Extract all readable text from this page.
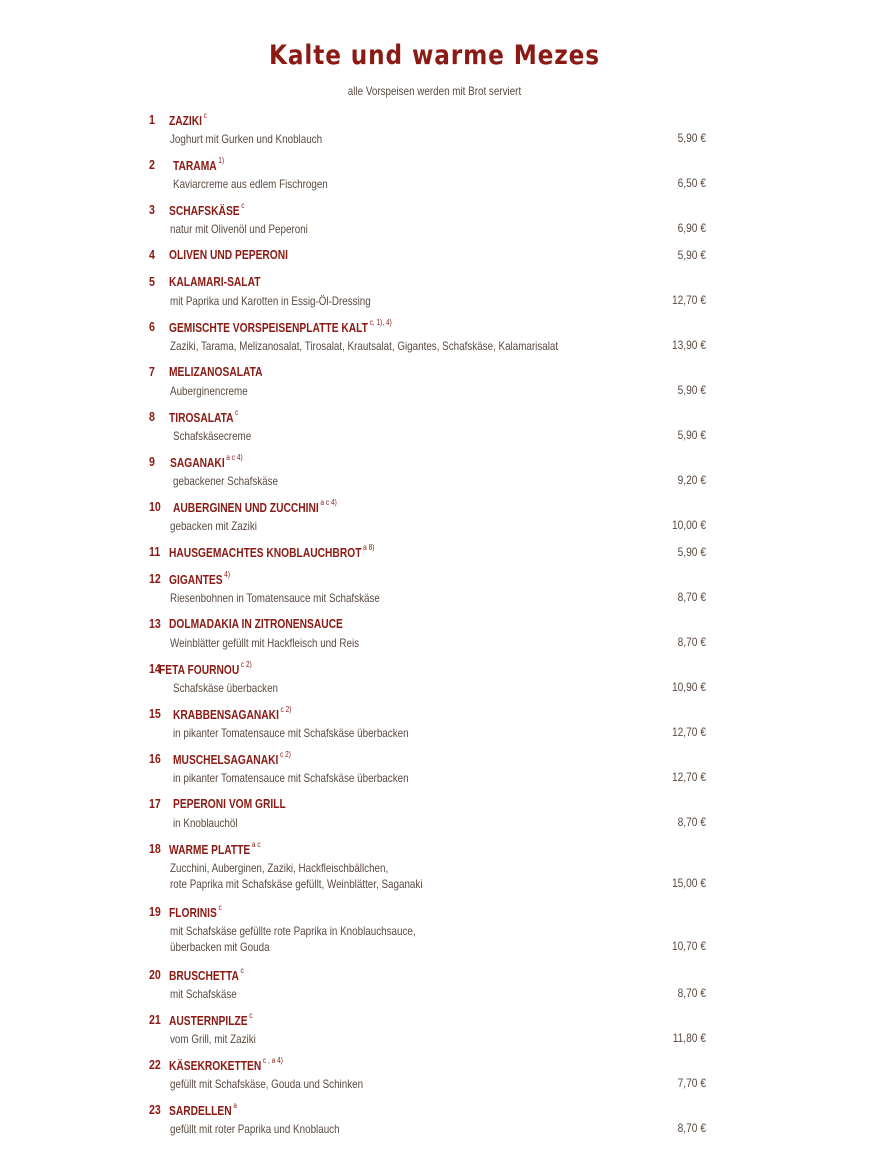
Kalte und warme Mezes
alle Vorspeisen werden mit Brot serviert
1 ZAZIKI $^c$
Joghurt mit Gurken und Knoblauch	5,90 €
2 TARAMA $^{1)}$
Kaviarcreme aus edlem Fischrogen	6,50 €
3 SCHAFSKÄSE $^c$
natur mit Olivenöl und Peperoni	6,90 €
4 OLIVEN UND PEPERONI	5,90 €
5 KALAMARI-SALAT
mit Paprika und Karotten in Essig-Öl-Dressing	12,70 €
6 GEMISCHTE VORSPEISENPLATTE KALT $^{c, 1), 4)}$
Zaziki, Tarama, Melizanosalat, Tirosalat, Krautsalat, Gigantes, Schafskäse, Kalamarisalat	13,90 €
7 MELIZANOSALATA
Auberginencreme	5,90 €
8 TIROSALATA $^c$
Schafskäsecreme	5,90 €
9 SAGANAKI $^{a c 4)}$
gebackener Schafskäse	9,20 €
10 AUBERGINEN UND ZUCCHINI $^{a c 4)}$
gebacken mit Zaziki	10,00 €
11 HAUSGEMACHTES KNOBLAUCHBROT $^{a 8)}$	5,90 €
12 GIGANTES $^{4)}$
Riesenbohnen in Tomatensauce mit Schafskäse	8,70 €
13 DOLMADAKIA IN ZITRONENSAUCE
Weinblätter gefüllt mit Hackfleisch und Reis	8,70 €
14
FETA FOURNOU $^{c 2)}$
Schafskäse überbacken	10,90 €
15 KRABBENSAGANAKI $^{c 2)}$
in pikanter Tomatensauce mit Schafskäse überbacken	12,70 €
16 MUSCHELSAGANAKI $^{c 2)}$
in pikanter Tomatensauce mit Schafskäse überbacken	12,70 €
17 PEPERONI VOM GRILL
in Knoblauchöl	8,70 €
18 WARME PLATTE $^{a c}$
Zucchini, Auberginen, Zaziki, Hackfleischbällchen,
rote Paprika mit Schafskäse gefüllt, Weinblätter, Saganaki	15,00 €
19 FLORINIS $^c$
mit Schafskäse gefüllte rote Paprika in Knoblauchsauce,
überbacken mit Gouda	10,70 €
20 BRUSCHETTA $^c$
mit Schafskäse	8,70 €
21 AUSTERNPILZE $^c$
vom Grill, mit Zaziki	11,80 €
22 KÄSEKROKETTEN $^{c , a 4)}$
gefüllt mit Schafskäse, Gouda und Schinken	7,70 €
23 SARDELLEN $^a$
gefüllt mit roter Paprika und Knoblauch	8,70 €
